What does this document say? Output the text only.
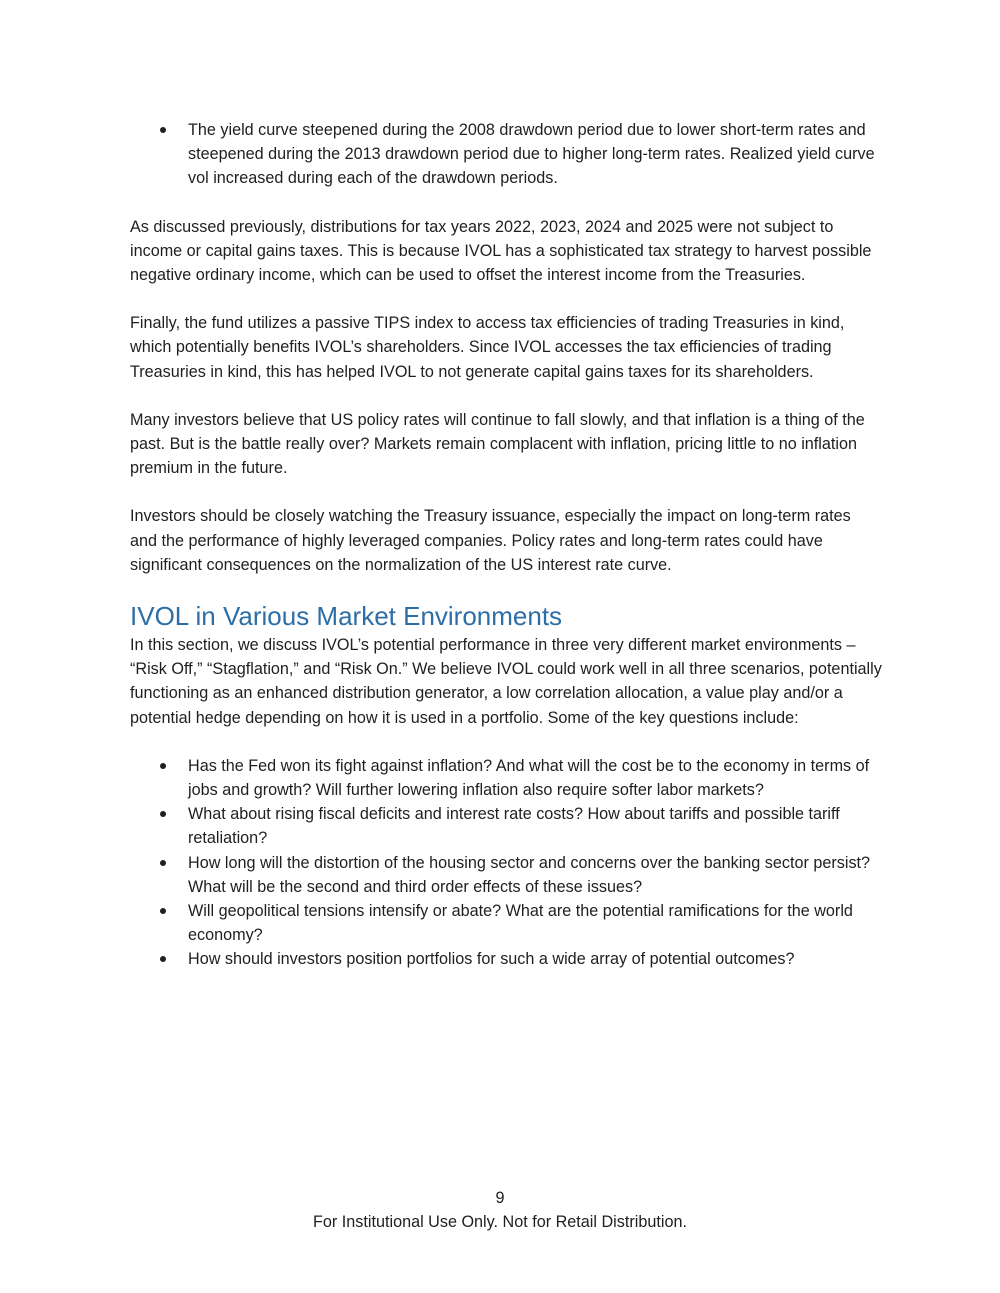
The yield curve steepened during the 2008 drawdown period due to lower short-term rates and steepened during the 2013 drawdown period due to higher long-term rates. Realized yield curve vol increased during each of the drawdown periods.

As discussed previously, distributions for tax years 2022, 2023, 2024 and 2025 were not subject to income or capital gains taxes. This is because IVOL has a sophisticated tax strategy to harvest possible negative ordinary income, which can be used to offset the interest income from the Treasuries.

Finally, the fund utilizes a passive TIPS index to access tax efficiencies of trading Treasuries in kind, which potentially benefits IVOL’s shareholders. Since IVOL accesses the tax efficiencies of trading Treasuries in kind, this has helped IVOL to not generate capital gains taxes for its shareholders.

Many investors believe that US policy rates will continue to fall slowly, and that inflation is a thing of the past. But is the battle really over? Markets remain complacent with inflation, pricing little to no inflation premium in the future.

Investors should be closely watching the Treasury issuance, especially the impact on long-term rates and the performance of highly leveraged companies. Policy rates and long-term rates could have significant consequences on the normalization of the US interest rate curve.

IVOL in Various Market Environments

In this section, we discuss IVOL’s potential performance in three very different market environments – “Risk Off,” “Stagflation,” and “Risk On.” We believe IVOL could work well in all three scenarios, potentially functioning as an enhanced distribution generator, a low correlation allocation, a value play and/or a potential hedge depending on how it is used in a portfolio. Some of the key questions include:

Has the Fed won its fight against inflation? And what will the cost be to the economy in terms of jobs and growth? Will further lowering inflation also require softer labor markets?
What about rising fiscal deficits and interest rate costs? How about tariffs and possible tariff retaliation?
How long will the distortion of the housing sector and concerns over the banking sector persist? What will be the second and third order effects of these issues?
Will geopolitical tensions intensify or abate? What are the potential ramifications for the world economy?
How should investors position portfolios for such a wide array of potential outcomes?
9
For Institutional Use Only. Not for Retail Distribution.
